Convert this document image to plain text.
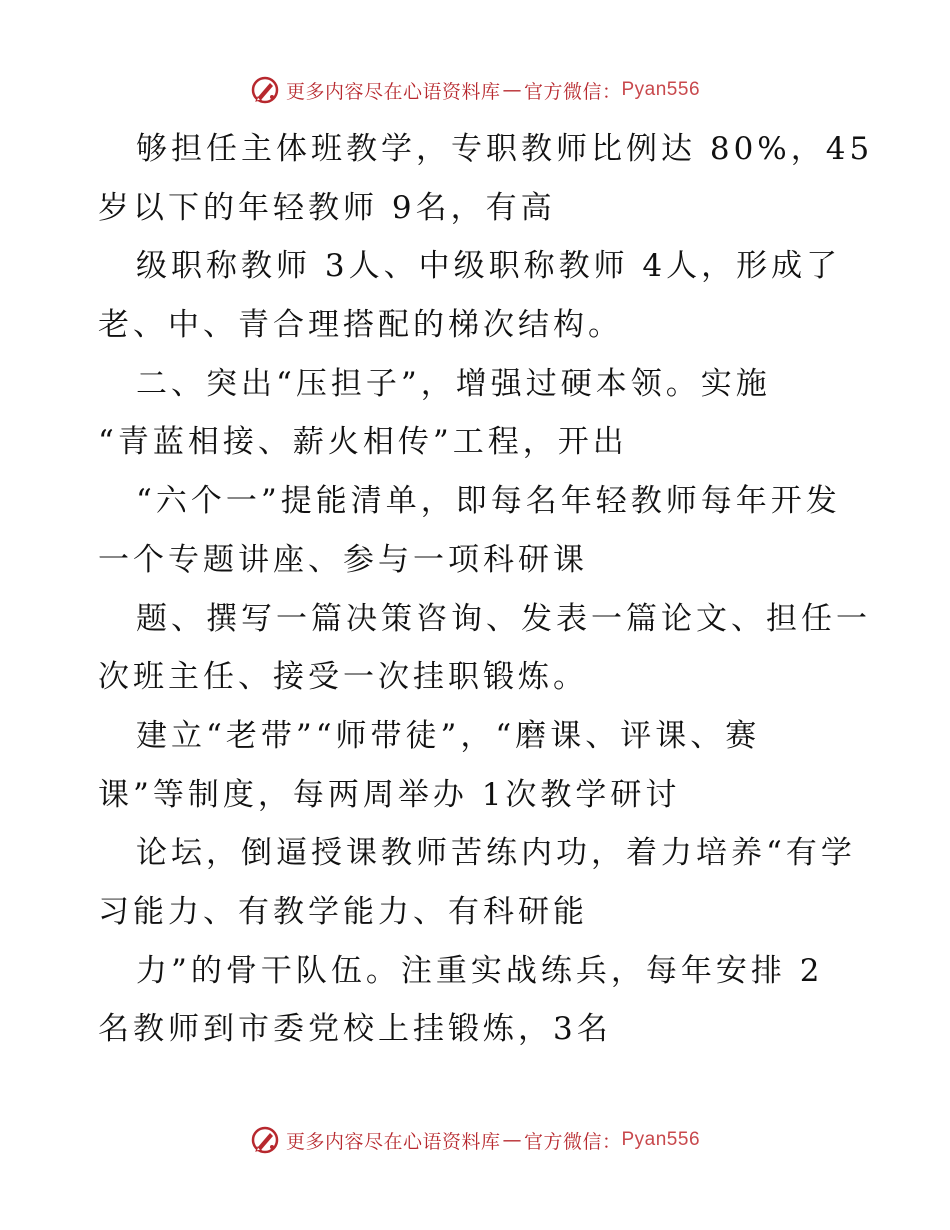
更多内容尽在心语资料库 — 官方微信： Pyan556
够担任主体班教学，专职教师比例达 80%，45
岁以下的年轻教师 9名，有高
级职称教师 3人、中级职称教师 4人，形成了
老、中、青合理搭配的梯次结构。
二、突出“压担子”，增强过硬本领。实施
“青蓝相接、薪火相传”工程，开出
“六个一”提能清单，即每名年轻教师每年开发
一个专题讲座、参与一项科研课
题、撰写一篇决策咨询、发表一篇论文、担任一
次班主任、接受一次挂职锻炼。
建立“老带”“师带徒”，“磨课、评课、赛
课”等制度，每两周举办 1次教学研讨
论坛，倒逼授课教师苦练内功，着力培养“有学
习能力、有教学能力、有科研能
力”的骨干队伍。注重实战练兵，每年安排 2
名教师到市委党校上挂锻炼，3名
更多内容尽在心语资料库 — 官方微信： Pyan556
